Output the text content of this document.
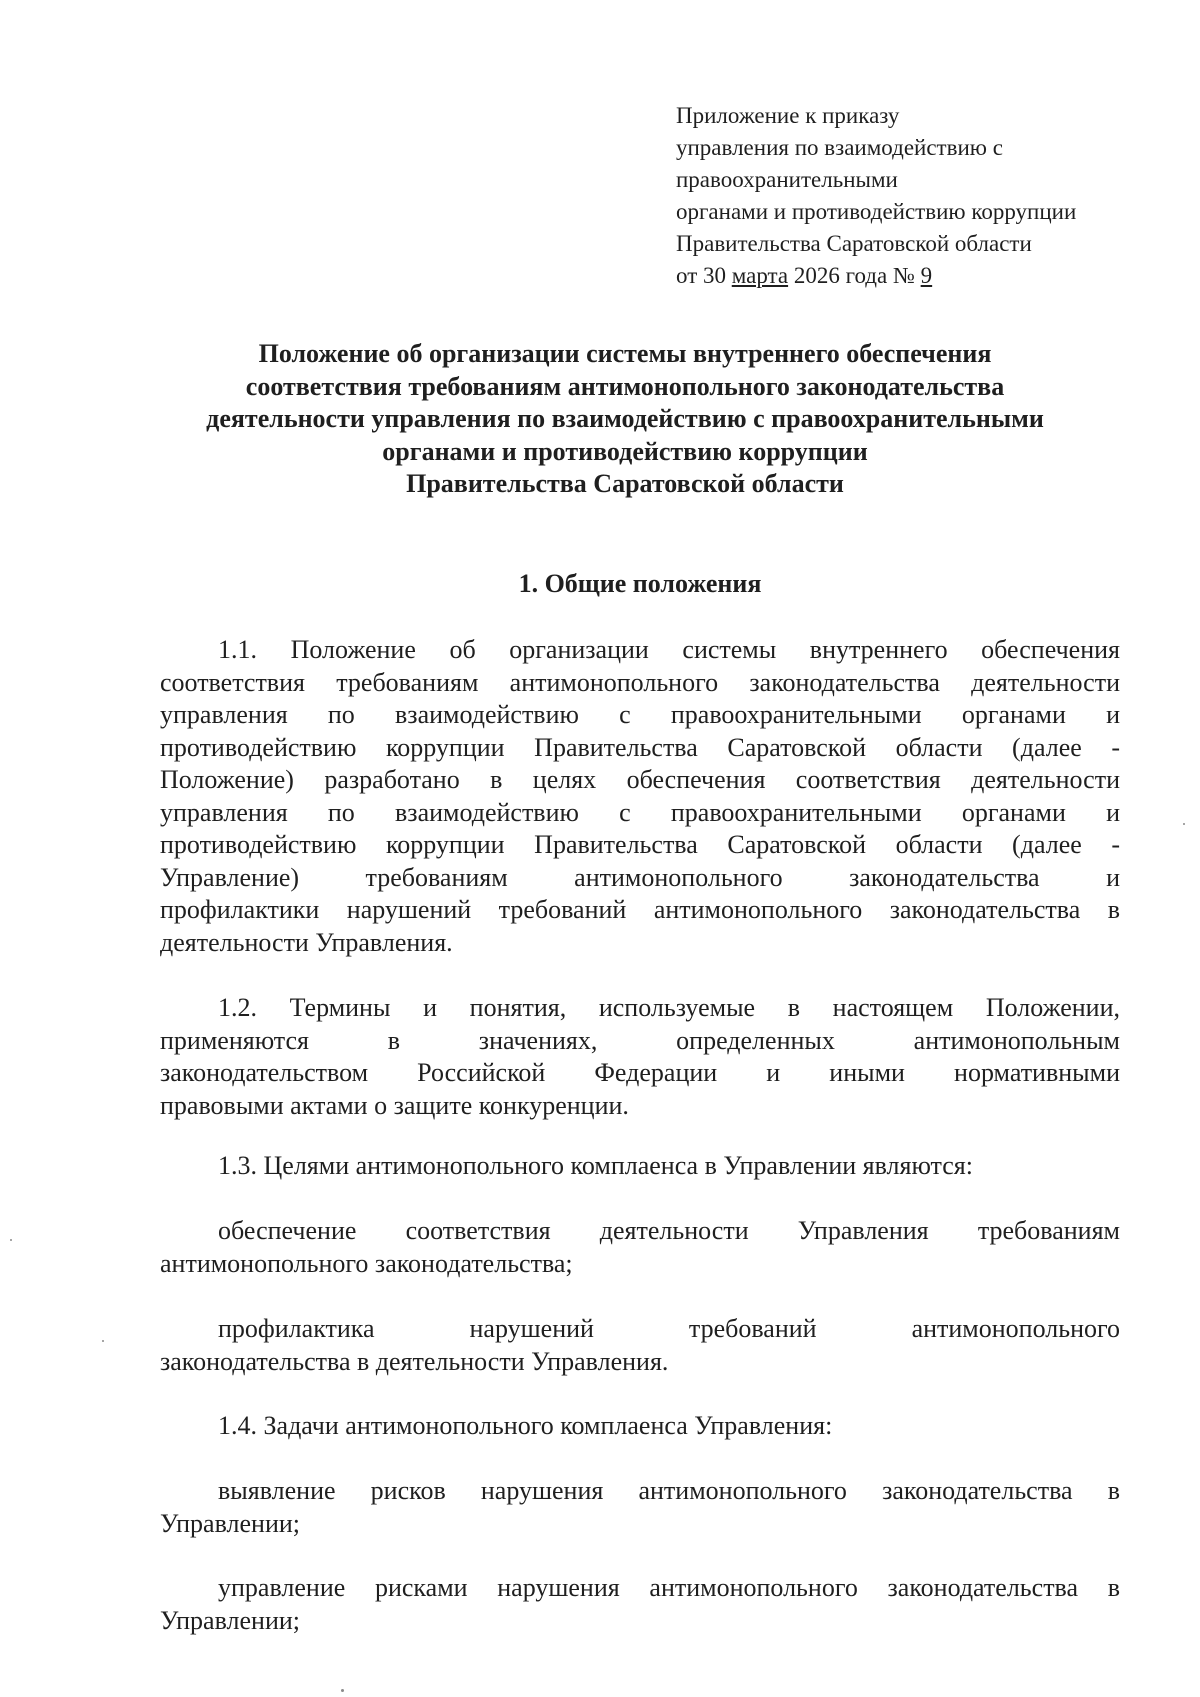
Приложение к приказу
управления по взаимодействию с
правоохранительными
органами и противодействию коррупции
Правительства Саратовской области
от 30 марта 2026 года № 9
Положение об организации системы внутреннего обеспечения
соответствия требованиям антимонопольного законодательства
деятельности управления по взаимодействию с правоохранительными
органами и противодействию коррупции
Правительства Саратовской области
1. Общие положения
1.1. Положение об организации системы внутреннего обеспечения
соответствия требованиям антимонопольного законодательства деятельности
управления по взаимодействию с правоохранительными органами и
противодействию коррупции Правительства Саратовской области (далее -
Положение) разработано в целях обеспечения соответствия деятельности
управления по взаимодействию с правоохранительными органами и
противодействию коррупции Правительства Саратовской области (далее -
Управление) требованиям антимонопольного законодательства и
профилактики нарушений требований антимонопольного законодательства в
деятельности Управления.
1.2. Термины и понятия, используемые в настоящем Положении,
применяются в значениях, определенных антимонопольным
законодательством Российской Федерации и иными нормативными
правовыми актами о защите конкуренции.
1.3. Целями антимонопольного комплаенса в Управлении являются:
обеспечение соответствия деятельности Управления требованиям
антимонопольного законодательства;
профилактика нарушений требований антимонопольного
законодательства в деятельности Управления.
1.4. Задачи антимонопольного комплаенса Управления:
выявление рисков нарушения антимонопольного законодательства в
Управлении;
управление рисками нарушения антимонопольного законодательства в
Управлении;
